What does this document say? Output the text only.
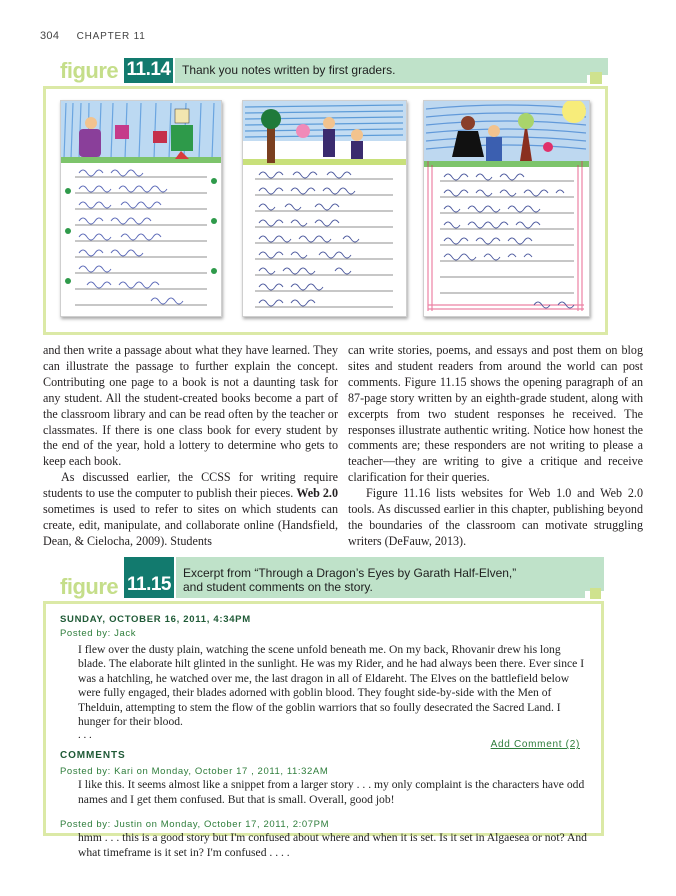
304 CHAPTER 11
figure 11.14 Thank you notes written by first graders.

and then write a passage about what they have learned. They can illustrate the passage to further explain the concept. Contributing one page to a book is not a daunting task for any student. All the student-created books become a part of the classroom library and can be read often by the teacher or classmates. If there is one class book for every student by the end of the year, hold a lottery to determine who gets to keep each book.

As discussed earlier, the CCSS for writing require students to use the computer to publish their pieces. Web 2.0 sometimes is used to refer to sites on which students can create, edit, manipulate, and collaborate online (Handsfield, Dean, & Cielocha, 2009). Students

can write stories, poems, and essays and post them on blog sites and student readers from around the world can post comments. Figure 11.15 shows the opening paragraph of an 87-page story written by an eighth-grade student, along with excerpts from two student responses he received. The responses illustrate authentic writing. Notice how honest the comments are; these responders are not writing to please a teacher—they are writing to give a critique and receive clarification for their queries.

Figure 11.16 lists websites for Web 1.0 and Web 2.0 tools. As discussed earlier in this chapter, publishing beyond the boundaries of the classroom can motivate struggling writers (DeFauw, 2013).

figure 11.15
Excerpt from “Through a Dragon’s Eyes by Garath Half-Elven,”
and student comments on the story.
SUNDAY, OCTOBER 16, 2011, 4:34PM
Posted by: Jack
I flew over the dusty plain, watching the scene unfold beneath me. On my back, Rhovanir drew his long blade. The elaborate hilt glinted in the sunlight. He was my Rider, and he had always been there. Ever since I was a hatchling, he watched over me, the last dragon in all of Eldareht. The Elves on the battlefield below were fully engaged, their blades adorned with goblin blood. They fought side-by-side with the Men of Thelduin, attempting to stem the flow of the goblin warriors that so foully desecrated the Sacred Land. I hunger for their blood.
. . .
Add Comment (2)
COMMENTS
Posted by: Kari on Monday, October 17 , 2011, 11:32AM
I like this. It seems almost like a snippet from a larger story . . . my only complaint is the characters have odd names and I get them confused. But that is small. Overall, good job!
Posted by: Justin on Monday, October 17, 2011, 2:07PM
hmm . . . this is a good story but I'm confused about where and when it is set. Is it set in Algaesea or not? And what timeframe is it set in? I'm confused . . . .
